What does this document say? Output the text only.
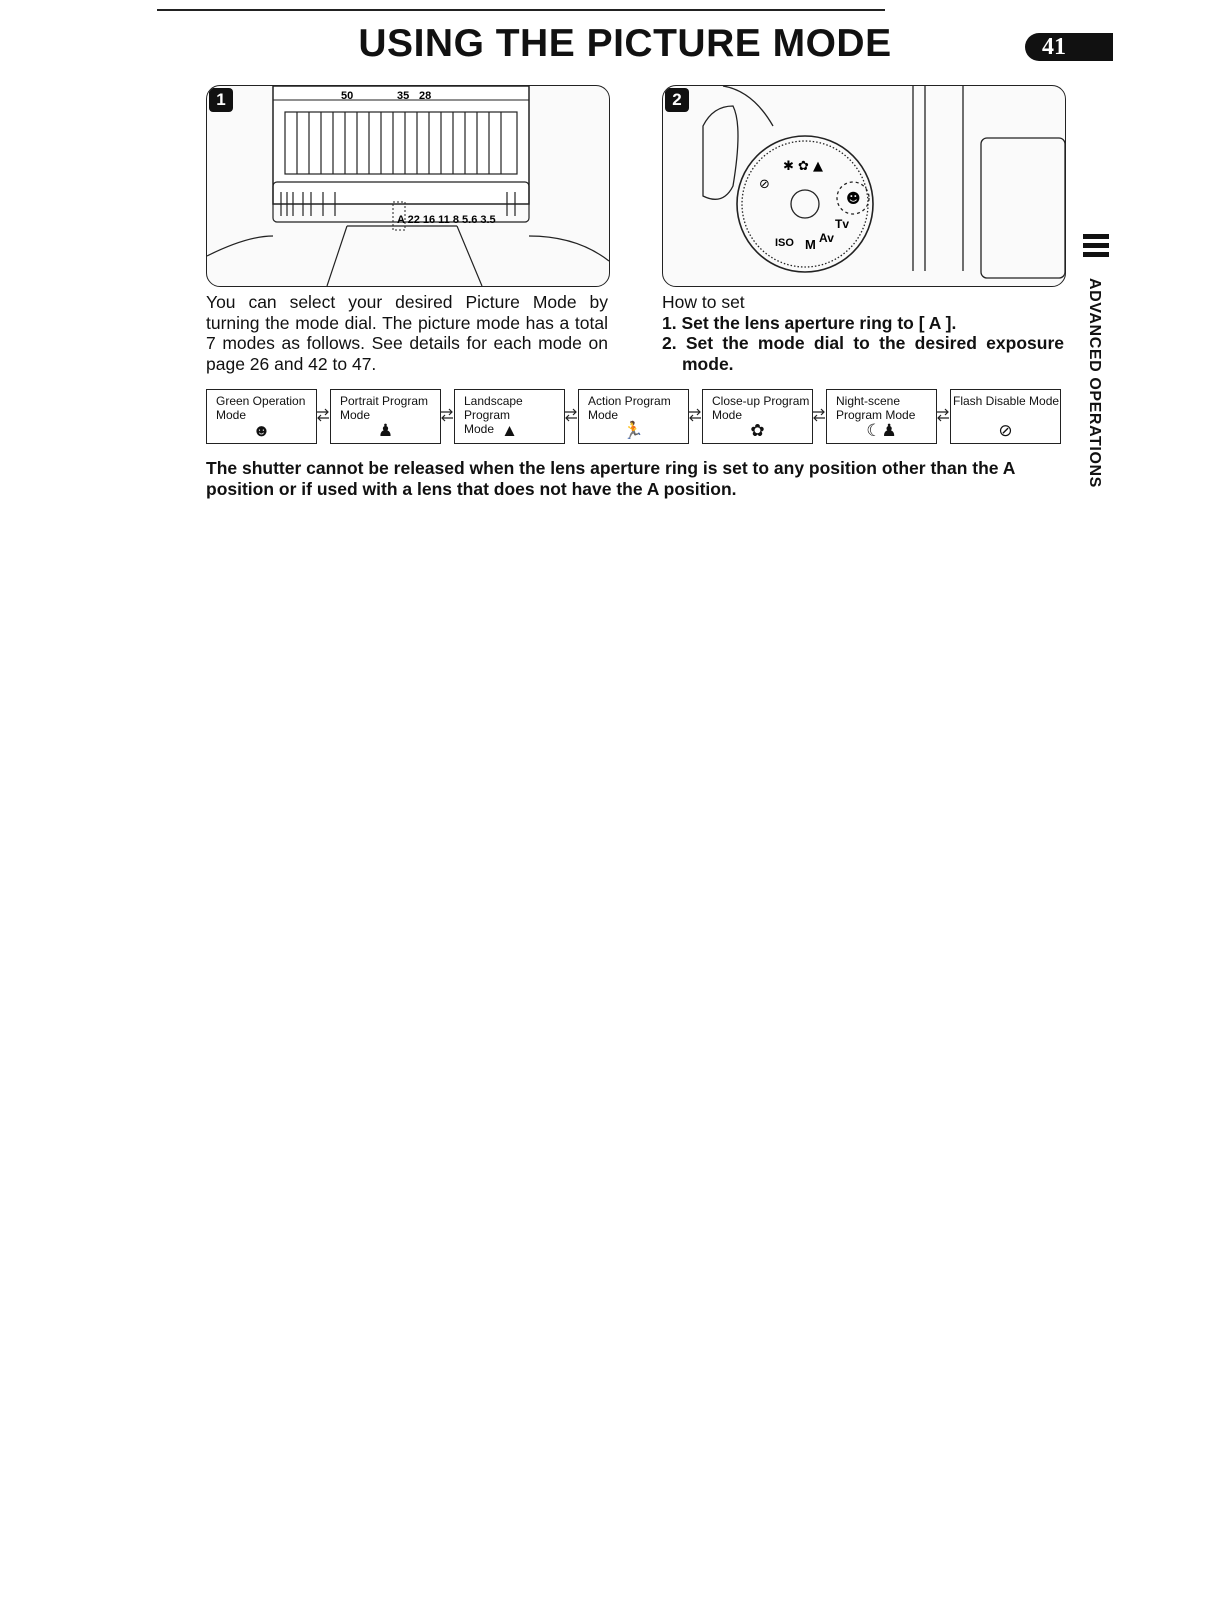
USING THE PICTURE MODE	41
50	35 28
A 22 16 11 8 5.6 3.5
1
✱ ✿ ▲
⊘
☻
ISO M Av
Tv
2
You can select your desired Picture Mode by turning the mode dial. The picture mode has a total 7 modes as follows. See details for each mode on page 26 and 42 to 47.
How to set
1. Set the lens aperture ring to [ A ].
2. Set the mode dial to the desired exposure mode.
Green Operation
Mode
☻
Portrait Program
Mode
♟
Landscape Program
Mode ▲
Action Program
Mode
🏃
Close-up Program
Mode
✿
Night-scene
Program Mode
☾♟
Flash Disable Mode
⊘
The shutter cannot be released when the lens aperture ring is set to any position other than the A position or if used with a lens that does not have the A position.
ADVANCED OPERATIONS
